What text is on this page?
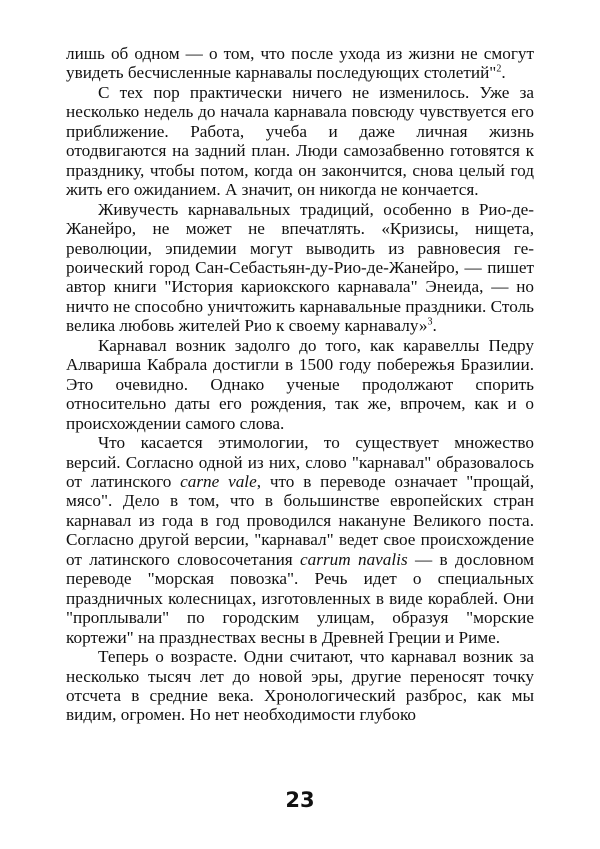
лишь об одном — о том, что после ухода из жизни не смогут увидеть бесчисленные карнавалы последующих столетий"$^2$.

С тех пор практически ничего не изменилось. Уже за несколько недель до начала карнавала повсюду чувствуется его приближение. Работа, учеба и даже личная жизнь отодвигаются на задний план. Люди самозабвенно готовятся к празднику, чтобы потом, когда он закончится, снова целый год жить его ожиданием. А значит, он никогда не кончается.

Живучесть карнавальных традиций, особенно в Рио-де-Жанейро, не может не впечатлять. «Кризисы, нищета, революции, эпидемии могут выводить из равновесия героический город Сан-Себастьян-ду-Рио-де-Жанейро, — пишет автор книги "История кариокского карнавала" Энеида, — но ничто не способно уничтожить карнавальные праздники. Столь велика любовь жителей Рио к своему карнавалу»$^3$.

Карнавал возник задолго до того, как каравеллы Педру Алвариша Кабрала достигли в 1500 году побережья Бразилии. Это очевидно. Однако ученые продолжают спорить относительно даты его рождения, так же, впрочем, как и о происхождении самого слова.

Что касается этимологии, то существует множество версий. Согласно одной из них, слово "карнавал" образовалось от латинского carne vale, что в переводе означает "прощай, мясо". Дело в том, что в большинстве европейских стран карнавал из года в год проводился накануне Великого поста. Согласно другой версии, "карнавал" ведет свое происхождение от латинского словосочетания carrum navalis — в дословном переводе "морская повозка". Речь идет о специальных праздничных колесницах, изготовленных в виде кораблей. Они "проплывали" по городским улицам, образуя "морские кортежи" на празднествах весны в Древней Греции и Риме.

Теперь о возрасте. Одни считают, что карнавал возник за несколько тысяч лет до новой эры, другие переносят точку отсчета в средние века. Хронологический разброс, как мы видим, огромен. Но нет необходимости глубоко

23
